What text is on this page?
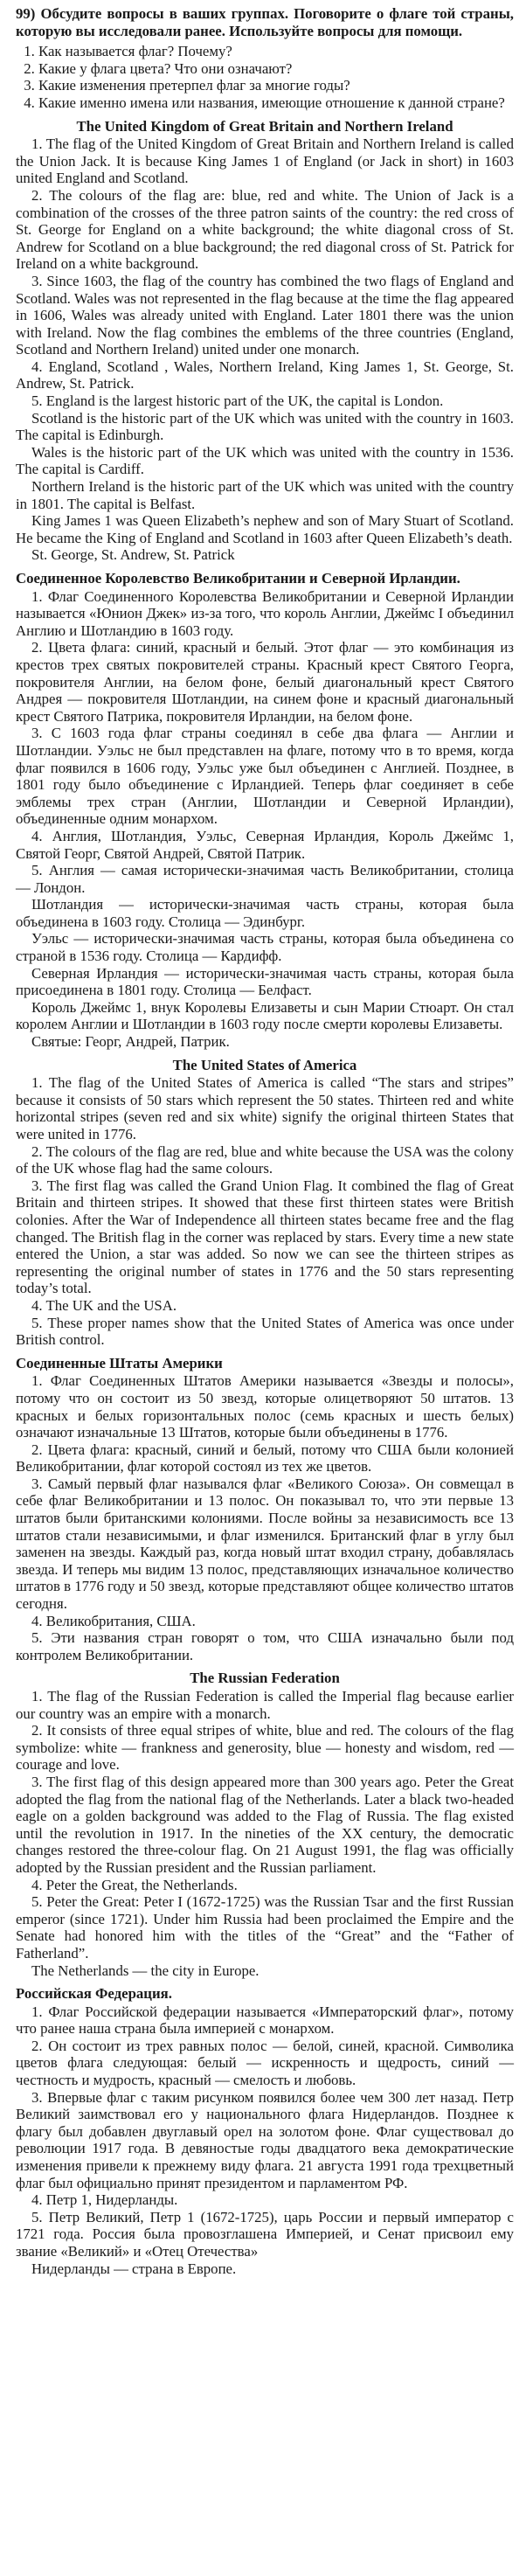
99) Обсудите вопросы в ваших группах. Поговорите о флаге той страны, которую вы исследовали ранее. Используйте вопросы для помощи.
1. Как называется флаг? Почему?
2. Какие у флага цвета? Что они означают?
3. Какие изменения претерпел флаг за многие годы?
4. Какие именно имена или названия, имеющие отношение к данной стране?
The United Kingdom of Great Britain and Northern Ireland
1. The flag of the United Kingdom of Great Britain and Northern Ireland is called the Union Jack. It is because King James 1 of England (or Jack in short) in 1603 united England and Scotland.
2. The colours of the flag are: blue, red and white. The Union of Jack is a combination of the crosses of the three patron saints of the country: the red cross of St. George for England on a white background; the white diagonal cross of St. Andrew for Scotland on a blue background; the red diagonal cross of St. Patrick for Ireland on a white background.
3. Since 1603, the flag of the country has combined the two flags of England and Scotland. Wales was not represented in the flag because at the time the flag appeared in 1606, Wales was already united with England. Later 1801 there was the union with Ireland. Now the flag combines the emblems of the three countries (England, Scotland and Northern Ireland) united under one monarch.
4. England, Scotland , Wales, Northern Ireland, King James 1, St. George, St. Andrew, St. Patrick.
5. England is the largest historic part of the UK, the capital is London.
Scotland is the historic part of the UK which was united with the country in 1603. The capital is Edinburgh.
Wales is the historic part of the UK which was united with the country in 1536. The capital is Cardiff.
Northern Ireland is the historic part of the UK which was united with the country in 1801. The capital is Belfast.
King James 1 was Queen Elizabeth’s nephew and son of Mary Stuart of Scotland. He became the King of England and Scotland in 1603 after Queen Elizabeth’s death.
St. George, St. Andrew, St. Patrick
Соединенное Королевство Великобритании и Северной Ирландии.
1. Флаг Соединенного Королевства Великобритании и Северной Ирландии называется «Юнион Джек» из-за того, что король Англии, Джеймс I объединил Англию и Шотландию в 1603 году.
2. Цвета флага: синий, красный и белый. Этот флаг — это комбинация из крестов трех святых покровителей страны. Красный крест Святого Георга, покровителя Англии, на белом фоне, белый диагональный крест Святого Андрея — покровителя Шотландии, на синем фоне и красный диагональный крест Святого Патрика, покровителя Ирландии, на белом фоне.
3. С 1603 года флаг страны соединял в себе два флага — Англии и Шотландии. Уэльс не был представлен на флаге, потому что в то время, когда флаг появился в 1606 году, Уэльс уже был объединен с Англией. Позднее, в 1801 году было объединение с Ирландией. Теперь флаг соединяет в себе эмблемы трех стран (Англии, Шотландии и Северной Ирландии), объединенные одним монархом.
4. Англия, Шотландия, Уэльс, Северная Ирландия, Король Джеймс 1, Святой Георг, Святой Андрей, Святой Патрик.
5. Англия — самая исторически-значимая часть Великобритании, столица — Лондон.
Шотландия — исторически-значимая часть страны, которая была объединена в 1603 году. Столица — Эдинбург.
Уэльс — исторически-значимая часть страны, которая была объединена со страной в 1536 году. Столица — Кардифф.
Северная Ирландия — исторически-значимая часть страны, которая была присоединена в 1801 году. Столица — Белфаст.
Король Джеймс 1, внук Королевы Елизаветы и сын Марии Стюарт. Он стал королем Англии и Шотландии в 1603 году после смерти королевы Елизаветы.
Святые: Георг, Андрей, Патрик.
The United States of America
1. The flag of the United States of America is called “The stars and stripes” because it consists of 50 stars which represent the 50 states. Thirteen red and white horizontal stripes (seven red and six white) signify the original thirteen States that were united in 1776.
2. The colours of the flag are red, blue and white because the USA was the colony of the UK whose flag had the same colours.
3. The first flag was called the Grand Union Flag. It combined the flag of Great Britain and thirteen stripes. It showed that these first thirteen states were British colonies. After the War of Independence all thirteen states became free and the flag changed. The British flag in the corner was replaced by stars. Every time a new state entered the Union, a star was added. So now we can see the thirteen stripes as representing the original number of states in 1776 and the 50 stars representing today’s total.
4. The UK and the USA.
5. These proper names show that the United States of America was once under British control.
Соединенные Штаты Америки
1. Флаг Соединенных Штатов Америки называется «Звезды и полосы», потому что он состоит из 50 звезд, которые олицетворяют 50 штатов. 13 красных и белых горизонтальных полос (семь красных и шесть белых) означают изначальные 13 Штатов, которые были объединены в 1776.
2. Цвета флага: красный, синий и белый, потому что США были колонией Великобритании, флаг которой состоял из тех же цветов.
3. Самый первый флаг назывался флаг «Великого Союза». Он совмещал в себе флаг Великобритании и 13 полос. Он показывал то, что эти первые 13 штатов были британскими колониями. После войны за независимость все 13 штатов стали независимыми, и флаг изменился. Британский флаг в углу был заменен на звезды. Каждый раз, когда новый штат входил страну, добавлялась звезда. И теперь мы видим 13 полос, представляющих изначальное количество штатов в 1776 году и 50 звезд, которые представляют общее количество штатов сегодня.
4. Великобритания, США.
5. Эти названия стран говорят о том, что США изначально были под контролем Великобритании.
The Russian Federation
1. The flag of the Russian Federation is called the Imperial flag because earlier our country was an empire with a monarch.
2. It consists of three equal stripes of white, blue and red. The colours of the flag symbolize: white — frankness and generosity, blue — honesty and wisdom, red — courage and love.
3. The first flag of this design appeared more than 300 years ago. Peter the Great adopted the flag from the national flag of the Netherlands. Later a black two-headed eagle on a golden background was added to the Flag of Russia. The flag existed until the revolution in 1917. In the nineties of the XX century, the democratic changes restored the three-colour flag. On 21 August 1991, the flag was officially adopted by the Russian president and the Russian parliament.
4. Peter the Great, the Netherlands.
5. Peter the Great: Peter I (1672-1725) was the Russian Tsar and the first Russian emperor (since 1721). Under him Russia had been proclaimed the Empire and the Senate had honored him with the titles of the “Great” and the “Father of Fatherland”.
The Netherlands — the city in Europe.
Российская Федерация.
1. Флаг Российской федерации называется «Императорский флаг», потому что ранее наша страна была империей с монархом.
2. Он состоит из трех равных полос — белой, синей, красной. Символика цветов флага следующая: белый — искренность и щедрость, синий — честность и мудрость, красный — смелость и любовь.
3. Впервые флаг с таким рисунком появился более чем 300 лет назад. Петр Великий заимствовал его у национального флага Нидерландов. Позднее к флагу был добавлен двуглавый орел на золотом фоне. Флаг существовал до революции 1917 года. В девяностые годы двадцатого века демократические изменения привели к прежнему виду флага. 21 августа 1991 года трехцветный флаг был официально принят президентом и парламентом РФ.
4. Петр 1, Нидерланды.
5. Петр Великий, Петр 1 (1672-1725), царь России и первый император с 1721 года. Россия была провозглашена Империей, и Сенат присвоил ему звание «Великий» и «Отец Отечества»
Нидерланды — страна в Европе.
